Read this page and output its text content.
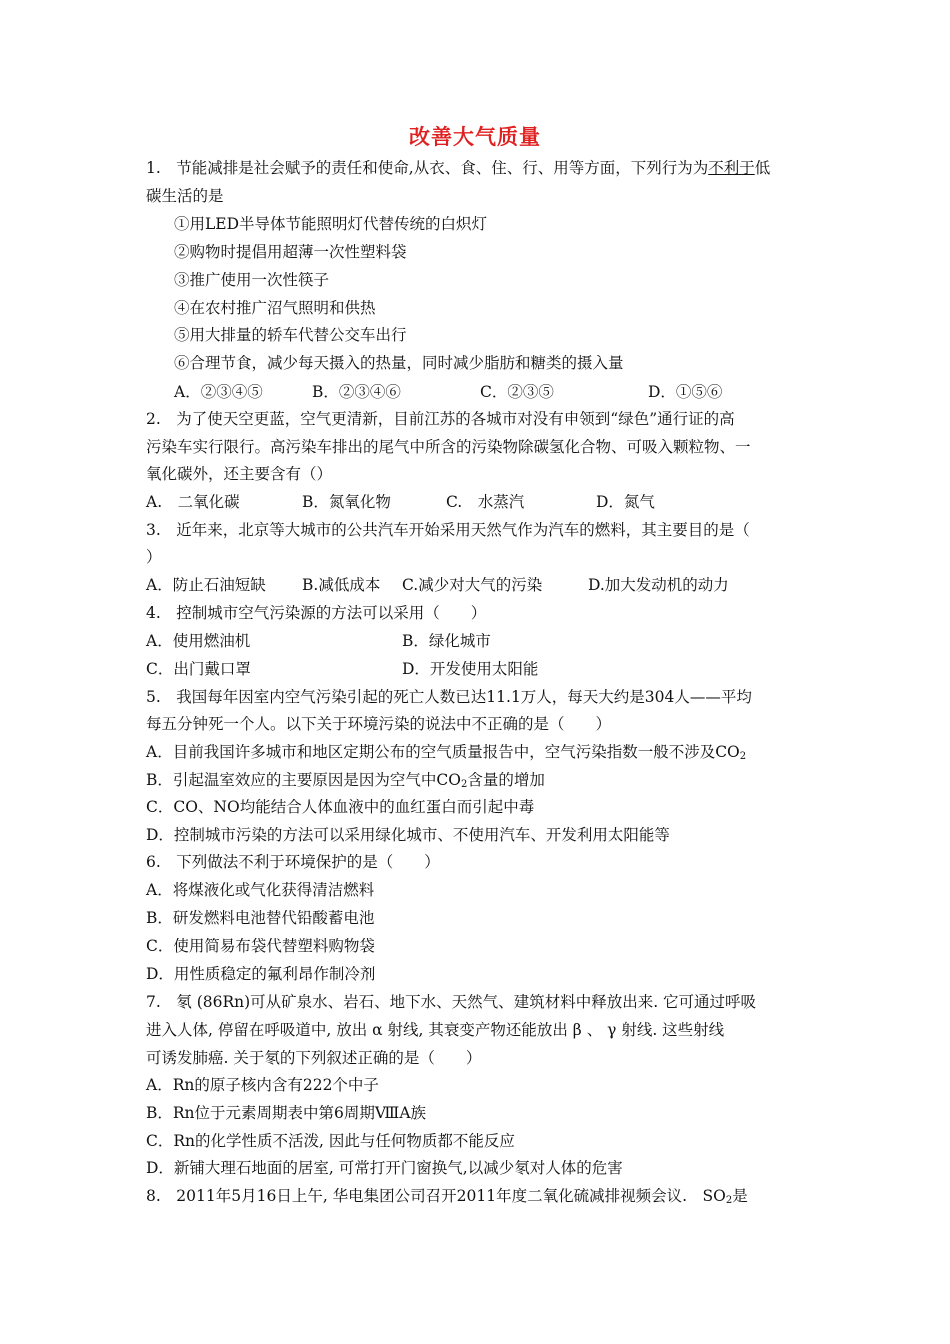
改善大气质量
1.　节能减排是社会赋予的责任和使命,从衣、食、住、行、用等方面，下列行为为不利于低
碳生活的是
①用LED半导体节能照明灯代替传统的白炽灯
②购物时提倡用超薄一次性塑料袋
③推广使用一次性筷子
④在农村推广沼气照明和供热
⑤用大排量的轿车代替公交车出行
⑥合理节食，减少每天摄入的热量，同时减少脂肪和糖类的摄入量
A．②③④⑤	B．②③④⑥	C．②③⑤	D．①⑤⑥
2.　为了使天空更蓝，空气更清新，目前江苏的各城市对没有申领到“绿色”通行证的高
污染车实行限行。高污染车排出的尾气中所含的污染物除碳氢化合物、可吸入颗粒物、一
氧化碳外，还主要含有（）
A.　二氧化碳	B．氮氧化物	C.　水蒸汽	D．氮气
3.　近年来，北京等大城市的公共汽车开始采用天然气作为汽车的燃料，其主要目的是（
）
A．防止石油短缺 B.减低成本 C.减少对大气的污染	D.加大发动机的动力
4.　控制城市空气污染源的方法可以采用（　　）
A．使用燃油机	B．绿化城市
C．出门戴口罩	D．开发使用太阳能
5.　我国每年因室内空气污染引起的死亡人数已达11.1万人，每天大约是304人——平均
每五分钟死一个人。以下关于环境污染的说法中不正确的是（　　）
A．目前我国许多城市和地区定期公布的空气质量报告中，空气污染指数一般不涉及$CO_2$
B．引起温室效应的主要原因是因为空气中$CO_2$含量的增加
C．CO、NO均能结合人体血液中的血红蛋白而引起中毒
D．控制城市污染的方法可以采用绿化城市、不使用汽车、开发利用太阳能等
6.　下列做法不利于环境保护的是（　　）
A．将煤液化或气化获得清洁燃料
B．研发燃料电池替代铅酸蓄电池
C．使用简易布袋代替塑料购物袋
D．用性质稳定的氟利昂作制冷剂
7.　氡 (86Rn)可从矿泉水、岩石、地下水、天然气、建筑材料中释放出来. 它可通过呼吸
进入人体, 停留在呼吸道中, 放出 α 射线, 其衰变产物还能放出 β 、 γ 射线. 这些射线
可诱发肺癌. 关于氡的下列叙述正确的是（　　）
A．Rn的原子核内含有222个中子
B．Rn位于元素周期表中第6周期ⅧA族
C．Rn的化学性质不活泼, 因此与任何物质都不能反应
D．新铺大理石地面的居室, 可常打开门窗换气,以减少氡对人体的危害
8.　2011年5月16日上午, 华电集团公司召开2011年度二氧化硫减排视频会议.　$SO_2$是
